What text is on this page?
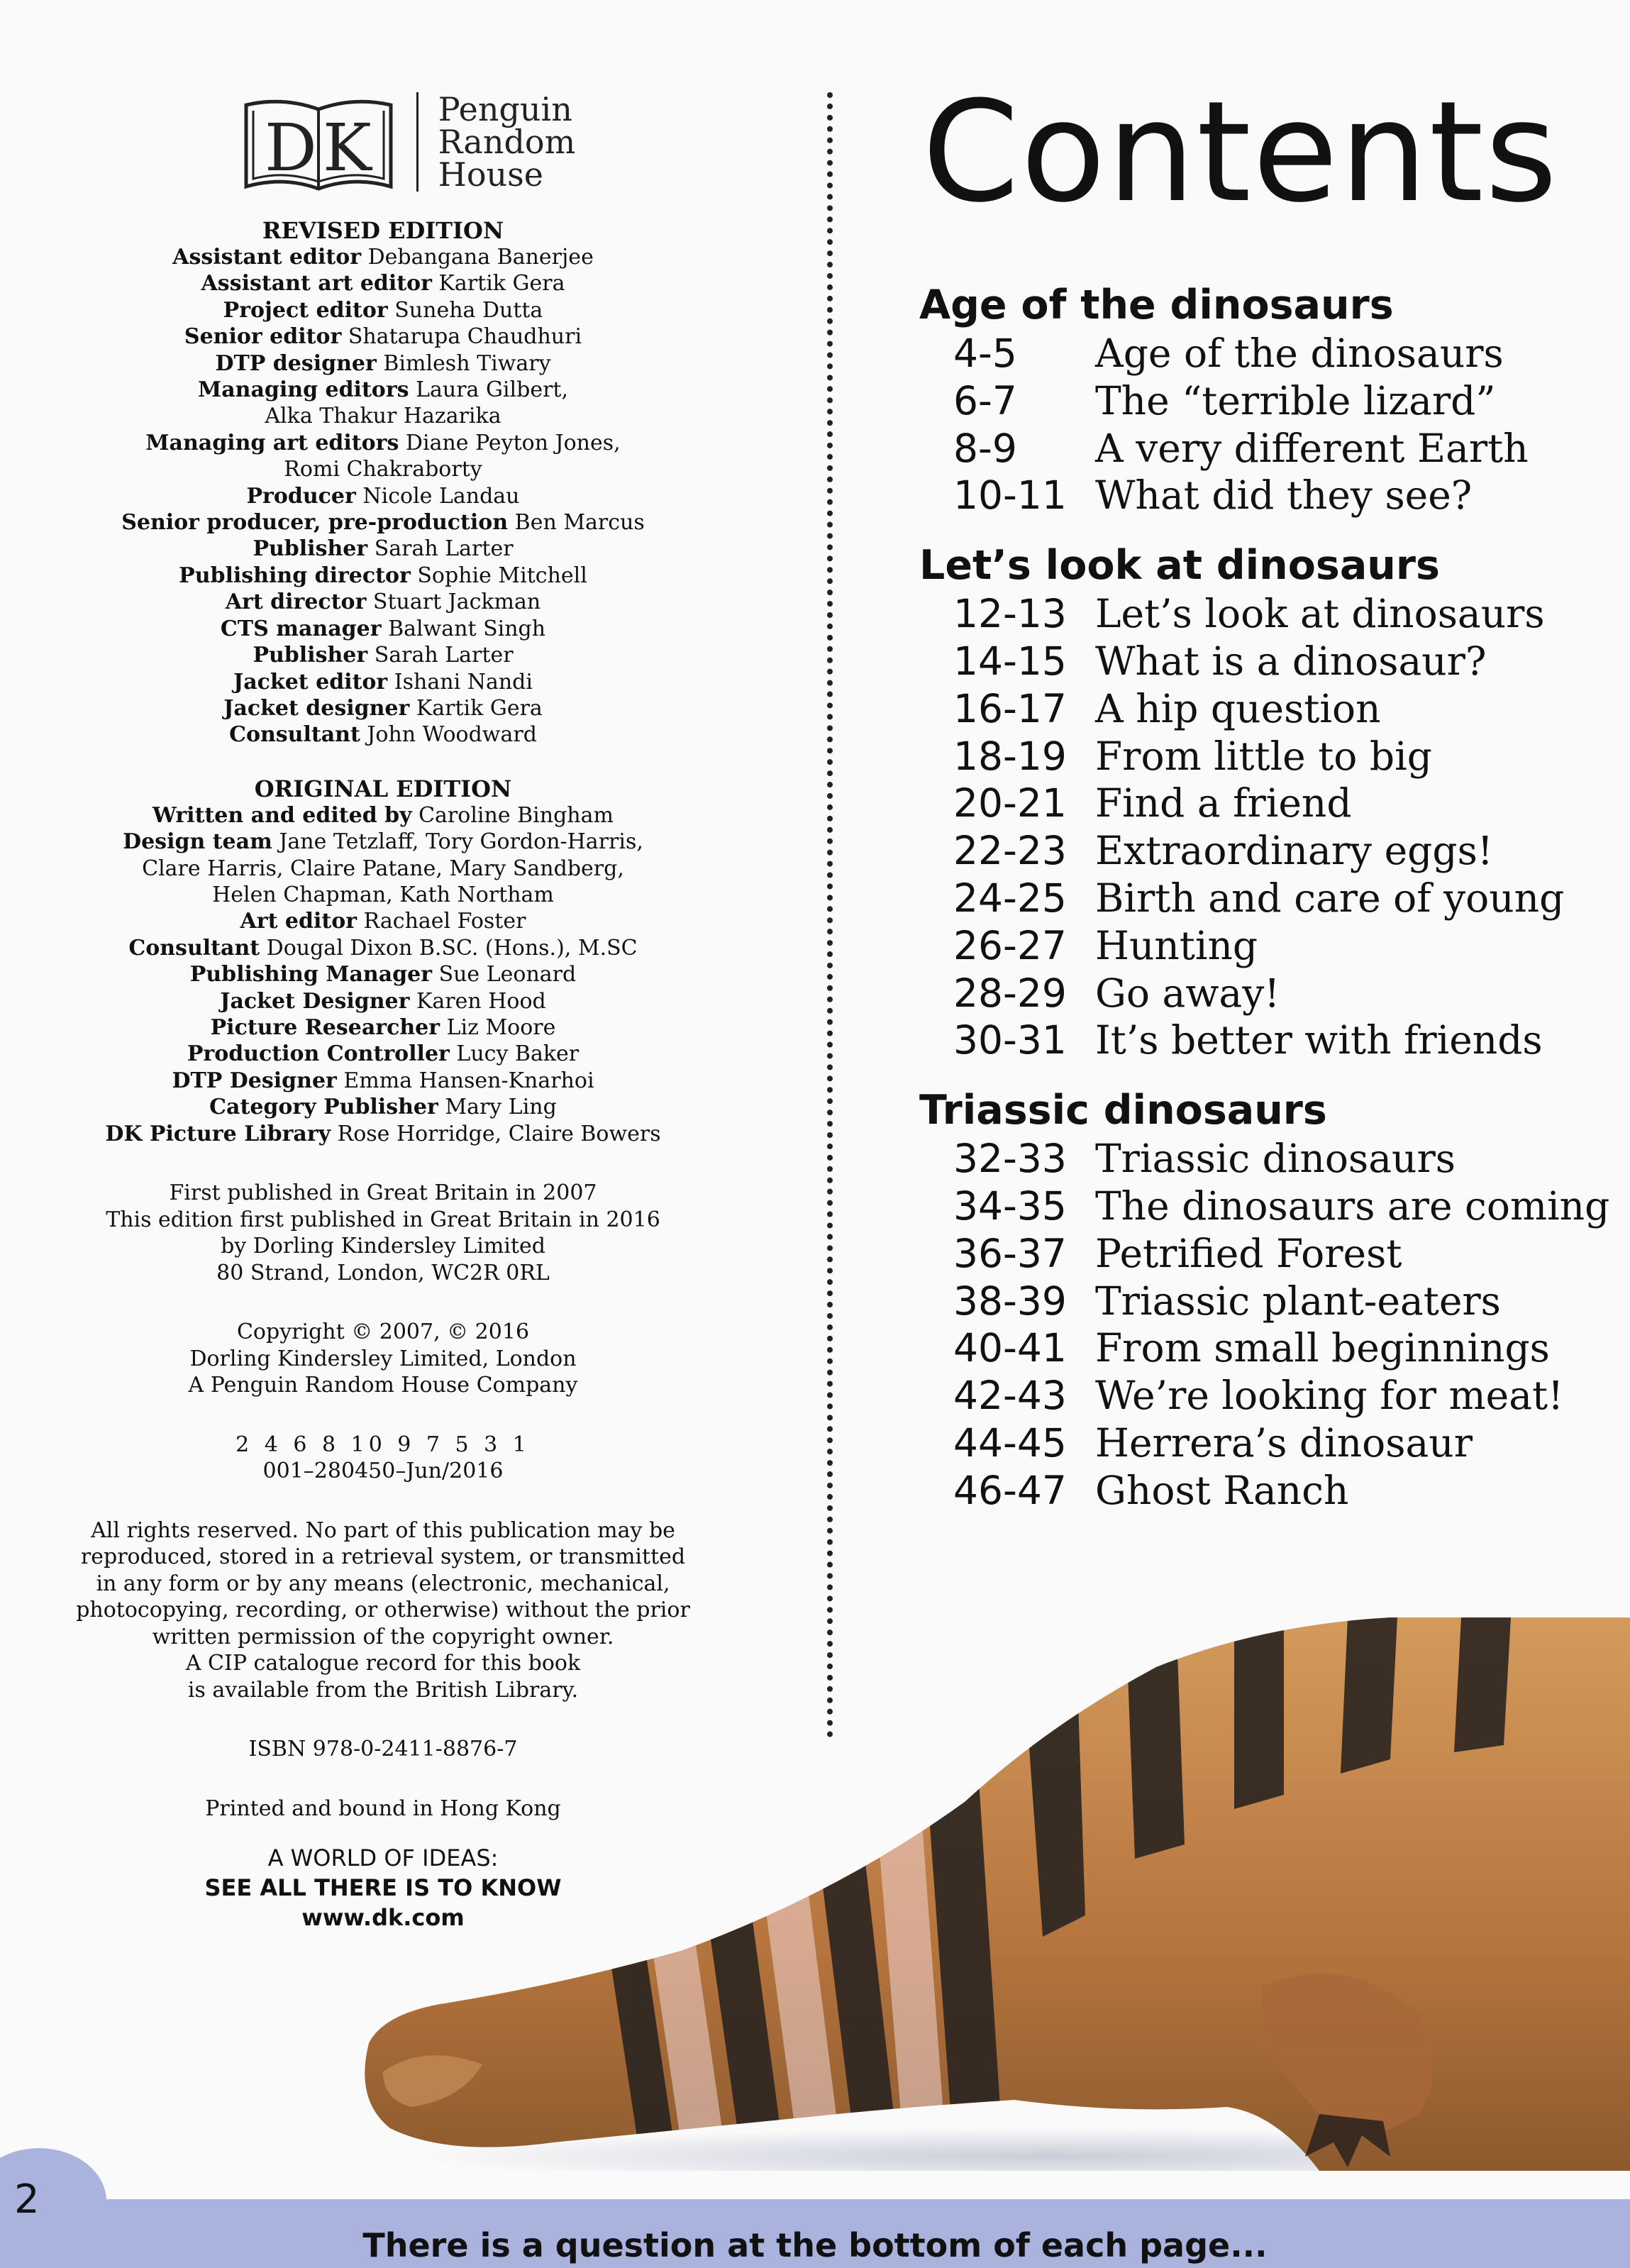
D K
Penguin
Random
House
REVISED EDITION
Assistant editor Debangana Banerjee
Assistant art editor Kartik Gera
Project editor Suneha Dutta
Senior editor Shatarupa Chaudhuri
DTP designer Bimlesh Tiwary
Managing editors Laura Gilbert,
Alka Thakur Hazarika
Managing art editors Diane Peyton Jones,
Romi Chakraborty
Producer Nicole Landau
Senior producer, pre-production Ben Marcus
Publisher Sarah Larter
Publishing director Sophie Mitchell
Art director Stuart Jackman
CTS manager Balwant Singh
Publisher Sarah Larter
Jacket editor Ishani Nandi
Jacket designer Kartik Gera
Consultant John Woodward
ORIGINAL EDITION
Written and edited by Caroline Bingham
Design team Jane Tetzlaff, Tory Gordon-Harris,
Clare Harris, Claire Patane, Mary Sandberg,
Helen Chapman, Kath Northam
Art editor Rachael Foster
Consultant Dougal Dixon B.SC. (Hons.), M.SC
Publishing Manager Sue Leonard
Jacket Designer Karen Hood
Picture Researcher Liz Moore
Production Controller Lucy Baker
DTP Designer Emma Hansen-Knarhoi
Category Publisher Mary Ling
DK Picture Library Rose Horridge, Claire Bowers
First published in Great Britain in 2007
This edition first published in Great Britain in 2016
by Dorling Kindersley Limited
80 Strand, London, WC2R 0RL
Copyright © 2007, © 2016
Dorling Kindersley Limited, London
A Penguin Random House Company
2 4 6 8 10 9 7 5 3 1
001–280450–Jun/2016
All rights reserved. No part of this publication may be
reproduced, stored in a retrieval system, or transmitted
in any form or by any means (electronic, mechanical,
photocopying, recording, or otherwise) without the prior
written permission of the copyright owner.
A CIP catalogue record for this book
is available from the British Library.
ISBN 978-0-2411-8876-7
Printed and bound in Hong Kong
A WORLD OF IDEAS:
SEE ALL THERE IS TO KNOW
www.dk.com
Contents
Age of the dinosaurs
4-5	Age of the dinosaurs
6-7	The “terrible lizard”
8-9	A very different Earth
10-11 What did they see?
Let’s look at dinosaurs
12-13 Let’s look at dinosaurs
14-15 What is a dinosaur?
16-17 A hip question
18-19 From little to big
20-21 Find a friend
22-23 Extraordinary eggs!
24-25 Birth and care of young
26-27 Hunting
28-29 Go away!
30-31 It’s better with friends
Triassic dinosaurs
32-33 Triassic dinosaurs
34-35 The dinosaurs are coming
36-37 Petrified Forest
38-39 Triassic plant-eaters
40-41 From small beginnings
42-43 We’re looking for meat!
44-45 Herrera’s dinosaur
46-47 Ghost Ranch
There is a question at the bottom of each page...
2
